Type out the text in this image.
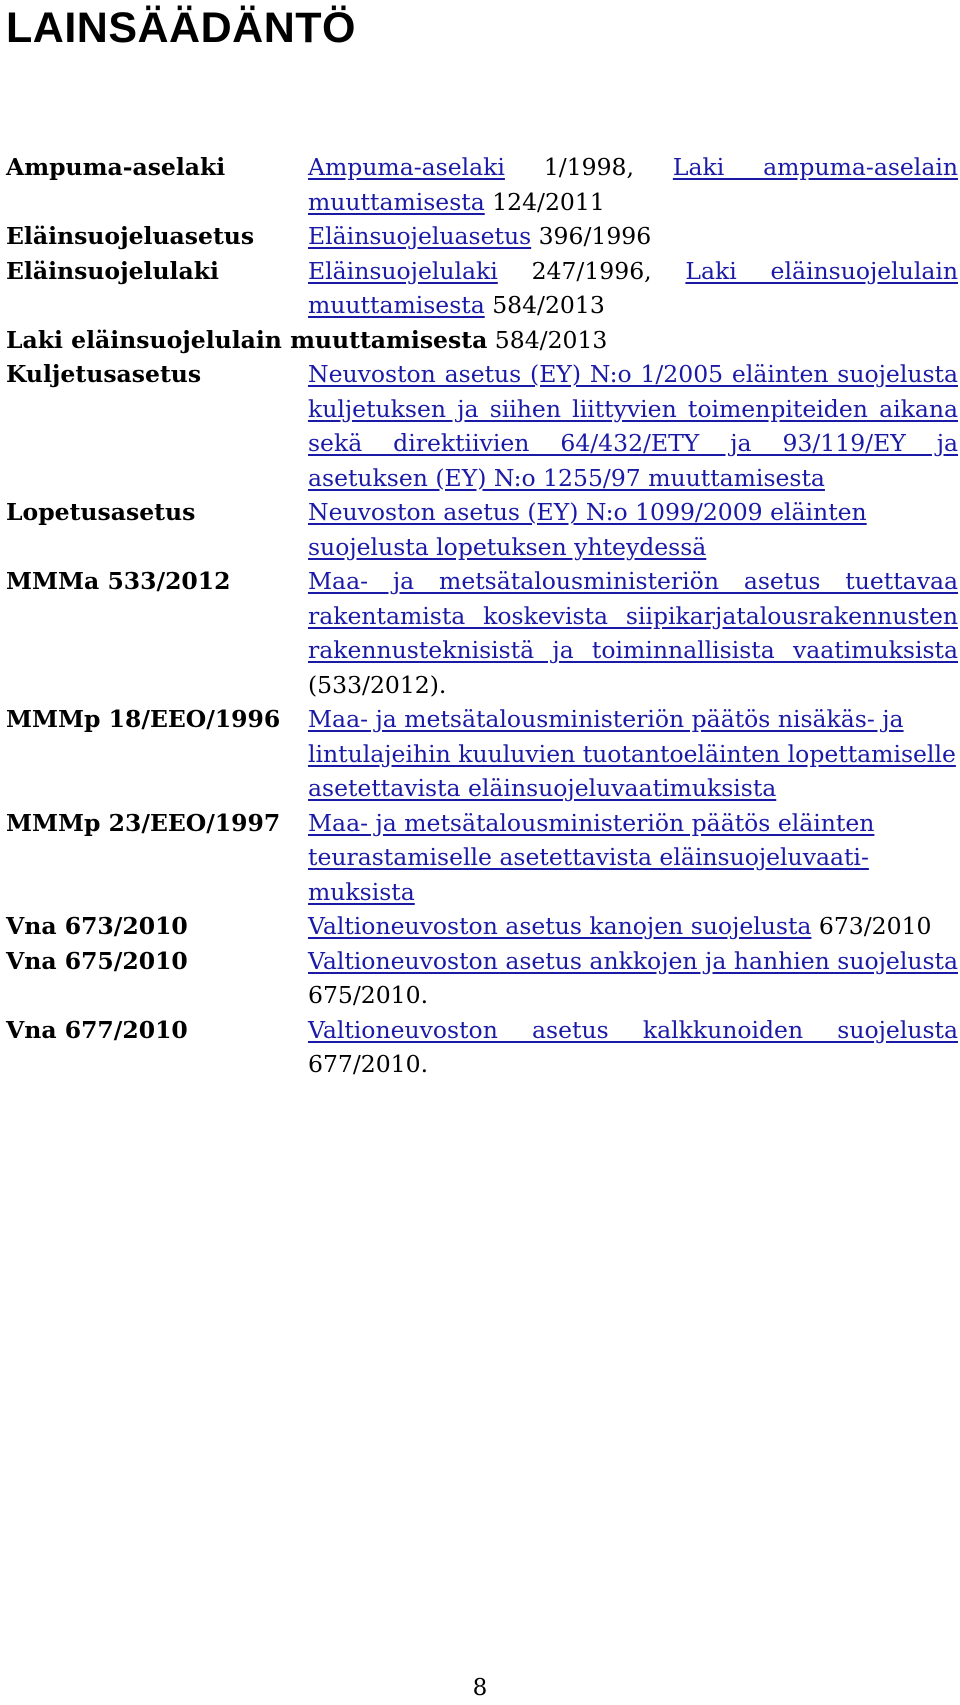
LAINSÄÄDÄNTÖ
Ampuma-aselaki	Ampuma-aselaki 1/1998, Laki ampuma-aselain muuttamisesta 124/2011
Eläinsuojeluasetus	Eläinsuojeluasetus 396/1996
Eläinsuojelulaki	Eläinsuojelulaki 247/1996, Laki eläinsuojelulain muuttamisesta 584/2013
Laki eläinsuojelulain muuttamisesta 584/2013
Kuljetusasetus	Neuvoston asetus (EY) N:o 1/2005 eläinten suojelusta kuljetuksen ja siihen liittyvien toimenpiteiden aikana sekä direktiivien 64/432/ETY ja 93/119/EY ja asetuksen (EY) N:o 1255/97 muuttamisesta
Lopetusasetus	Neuvoston asetus (EY) N:o 1099/2009 eläinten suojelusta lopetuksen yhteydessä
MMMa 533/2012	Maa- ja metsätalousministeriön asetus tuettavaa rakentamista koskevista siipikarjatalousrakennusten rakennusteknisistä ja toiminnallisista vaatimuksista (533/2012).
MMMp 18/EEO/1996	Maa- ja metsätalousministeriön päätös nisäkäs- ja lintulajeihin kuuluvien tuotantoeläinten lopettamiselle asetettavista eläinsuojeluvaatimuksista
MMMp 23/EEO/1997	Maa- ja metsätalousministeriön päätös eläinten teurastamiselle asetettavista eläinsuojeluvaatimuksista
Vna 673/2010	Valtioneuvoston asetus kanojen suojelusta 673/2010
Vna 675/2010	Valtioneuvoston asetus ankkojen ja hanhien suojelusta 675/2010.
Vna 677/2010	Valtioneuvoston asetus kalkkunoiden suojelusta 677/2010.
8
